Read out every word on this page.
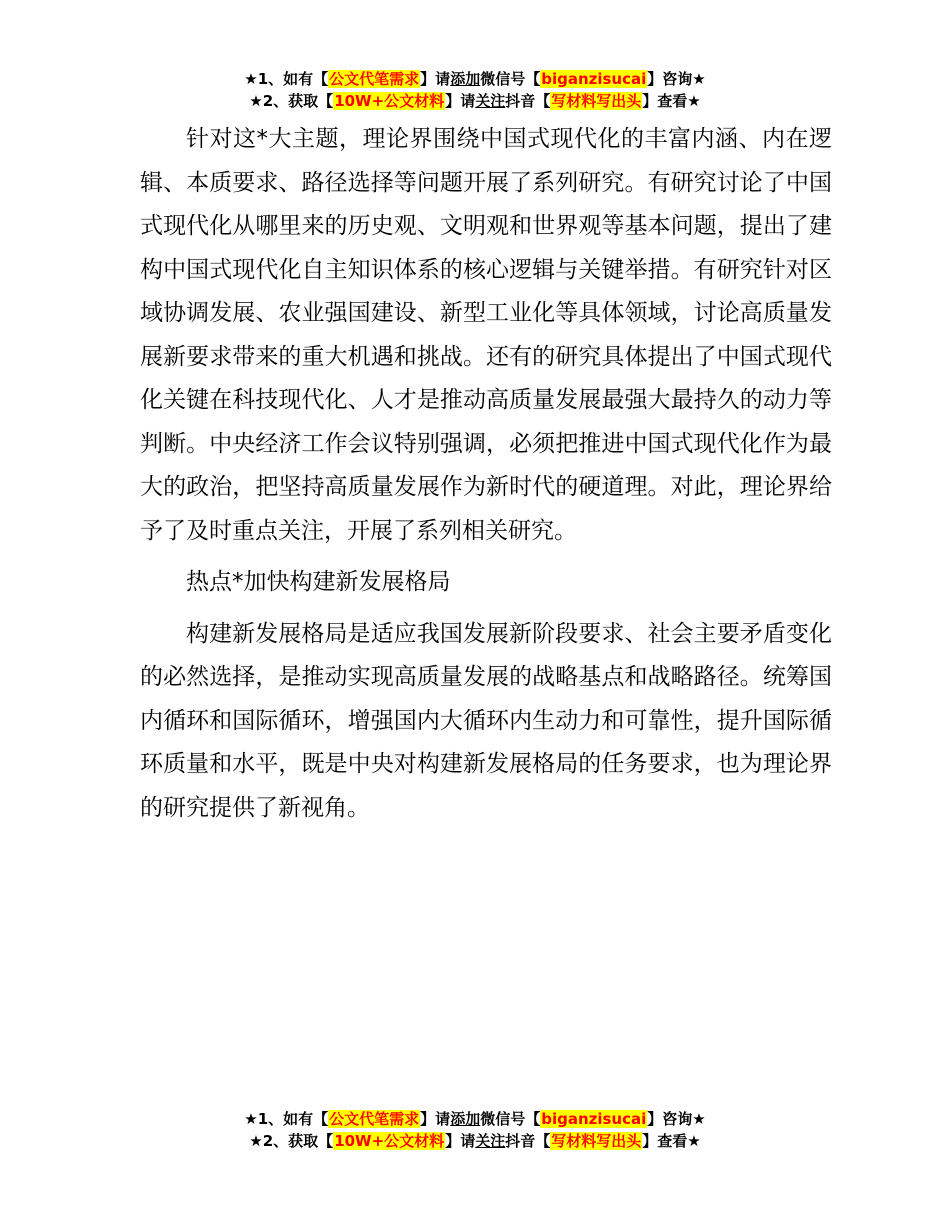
★1、如有【公文代笔需求】请添加微信号【biganzisucai】咨询★
★2、获取【10W+公文材料】请关注抖音【写材料写出头】查看★

针对这*大主题，理论界围绕中国式现代化的丰富内涵、内在逻辑、本质要求、路径选择等问题开展了系列研究。有研究讨论了中国式现代化从哪里来的历史观、文明观和世界观等基本问题，提出了建构中国式现代化自主知识体系的核心逻辑与关键举措。有研究针对区域协调发展、农业强国建设、新型工业化等具体领域，讨论高质量发展新要求带来的重大机遇和挑战。还有的研究具体提出了中国式现代化关键在科技现代化、人才是推动高质量发展最强大最持久的动力等判断。中央经济工作会议特别强调，必须把推进中国式现代化作为最大的政治，把坚持高质量发展作为新时代的硬道理。对此，理论界给予了及时重点关注，开展了系列相关研究。

热点*加快构建新发展格局

构建新发展格局是适应我国发展新阶段要求、社会主要矛盾变化的必然选择，是推动实现高质量发展的战略基点和战略路径。统筹国内循环和国际循环，增强国内大循环内生动力和可靠性，提升国际循环质量和水平，既是中央对构建新发展格局的任务要求，也为理论界的研究提供了新视角。

★1、如有【公文代笔需求】请添加微信号【biganzisucai】咨询★
★2、获取【10W+公文材料】请关注抖音【写材料写出头】查看★
